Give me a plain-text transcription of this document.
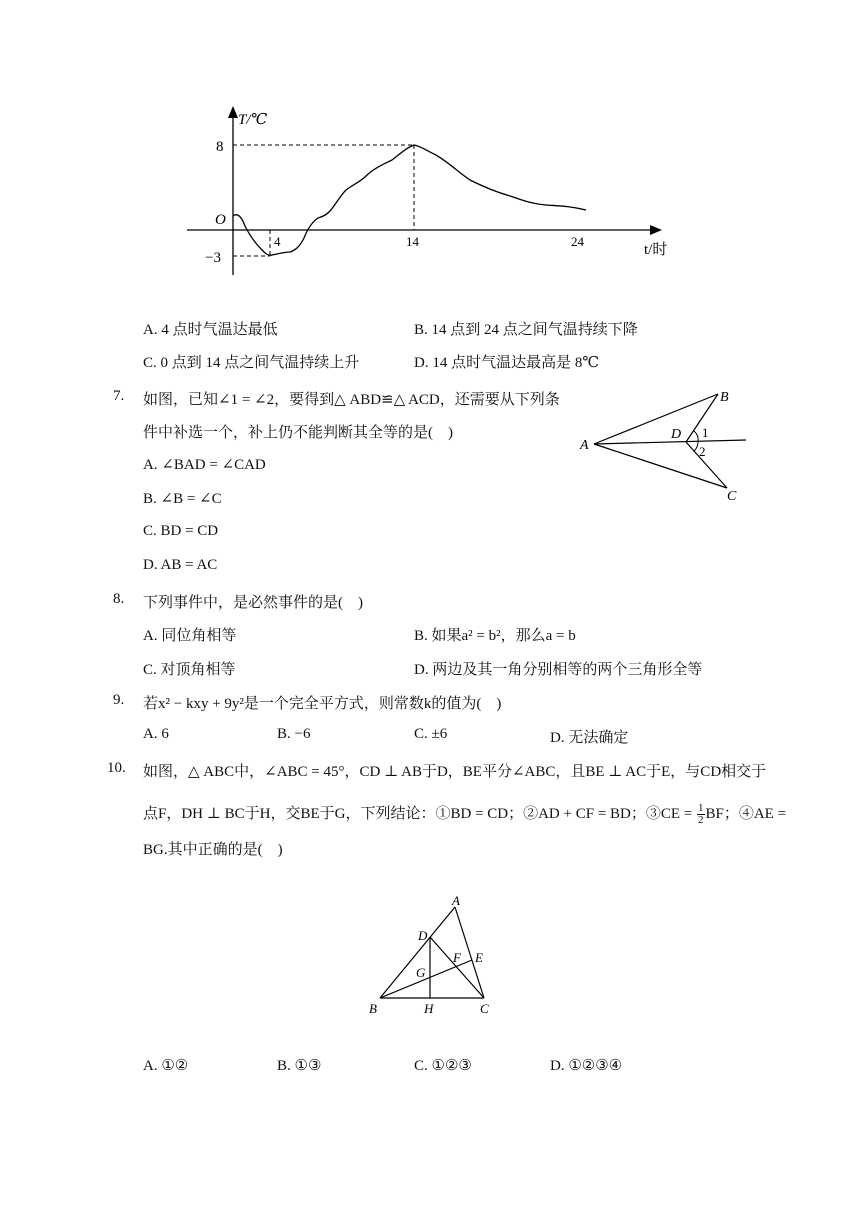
T/℃
8
O
−3
4	14	24
t/时
A. 4 点时气温达最低	B. 14 点到 24 点之间气温持续下降
C. 0 点到 14 点之间气温持续上升	D. 14 点时气温达最高是 8℃
7. 如图，已知∠1 = ∠2，要得到△ ABD≌△ ACD，还需要从下列条
件中补选一个，补上仍不能判断其全等的是(　)
A. ∠BAD = ∠CAD
B. ∠B = ∠C
C. BD = CD
D. AB = AC
A
B
C
D 1
2
8. 下列事件中，是必然事件的是(　)
A. 同位角相等	B. 如果a² = b²，那么a = b
C. 对顶角相等	D. 两边及其一角分别相等的两个三角形全等
9. 若x² − kxy + 9y²是一个完全平方式，则常数k的值为(　)
A. 6	B. −6	C. ±6	D. 无法确定
10. 如图，△ ABC中，∠ABC = 45°，CD ⊥ AB于D，BE平分∠ABC，且BE ⊥ AC于E，与CD相交于
点F，DH ⊥ BC于H，交BE于G，下列结论：①BD = CD；②AD + CF = BD；③CE = $\frac{1}{2}$ BF；④AE =
BG.其中正确的是(　)
A
B	C
D
E
F
G
H
A. ①②	B. ①③	C. ①②③	D. ①②③④
